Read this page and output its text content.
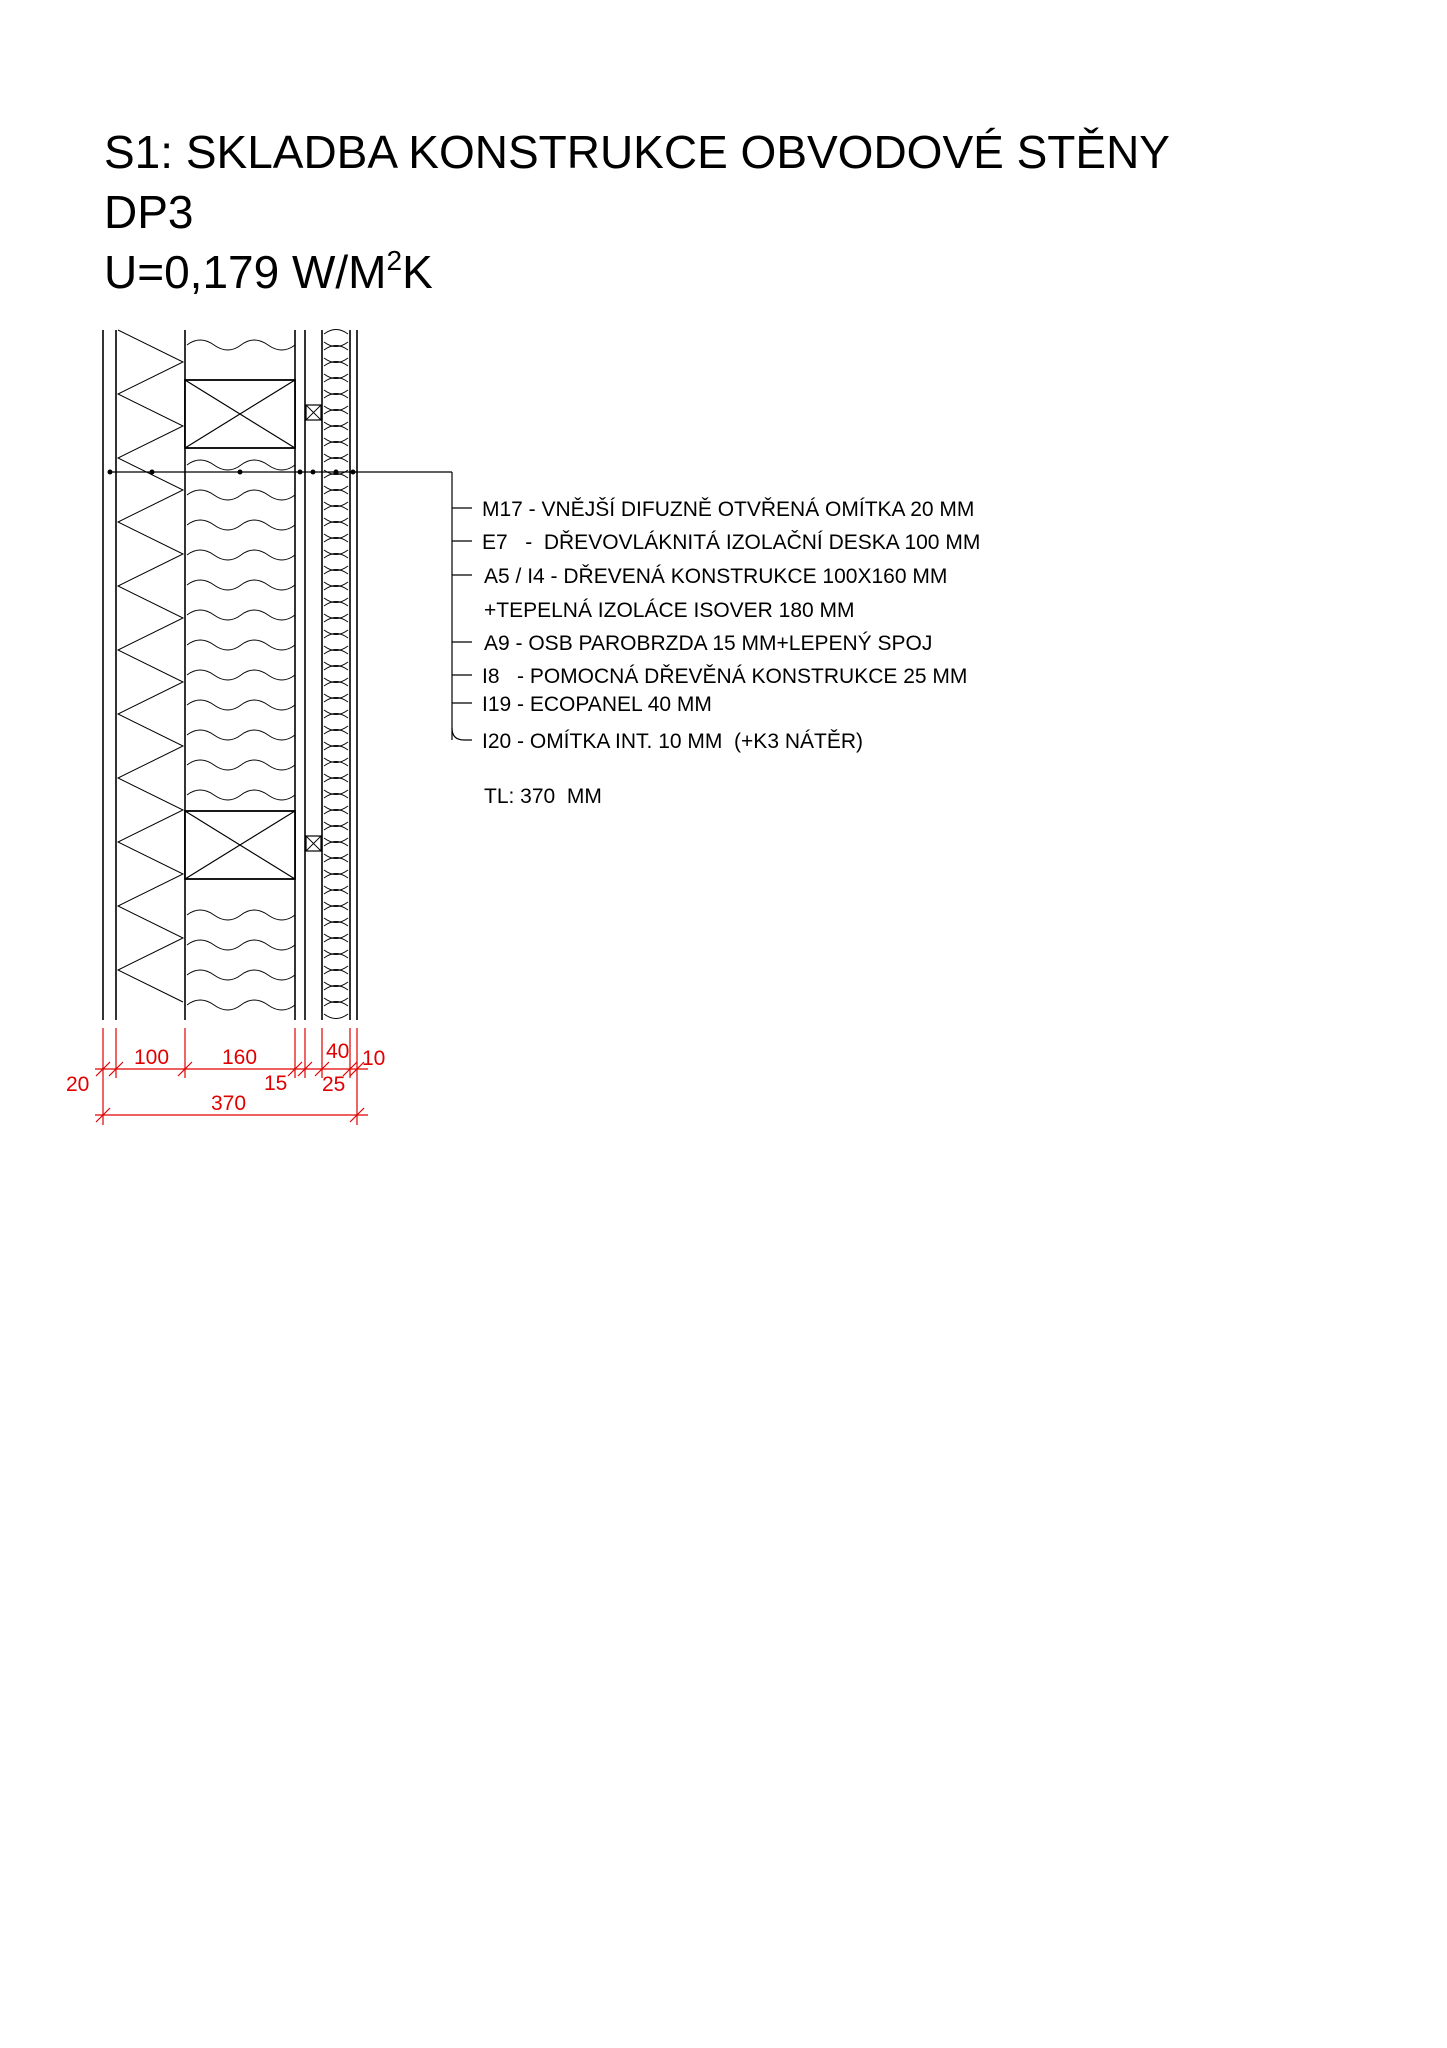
S1: SKLADBA KONSTRUKCE OBVODOVÉ STĚNY
DP3
U=0,179 $W/M^2K$
M17 - VNĚJŠÍ DIFUZNĚ OTVŘENÁ OMÍTKA 20 MM
E7   -  DŘEVOVLÁKNITÁ IZOLAČNÍ DESKA 100 MM
A5 / I4 - DŘEVENÁ KONSTRUKCE 100X160 MM
+TEPELNÁ IZOLÁCE ISOVER 180 MM
A9 - OSB PAROBRZDA 15 MM+LEPENÝ SPOJ
I8   - POMOCNÁ DŘEVĚNÁ KONSTRUKCE 25 MM
I19 - ECOPANEL 40 MM
I20 - OMÍTKA INT. 10 MM  (+K3 NÁTĚR)
TL: 370  MM
20
100	160
15
40
25
10
370
